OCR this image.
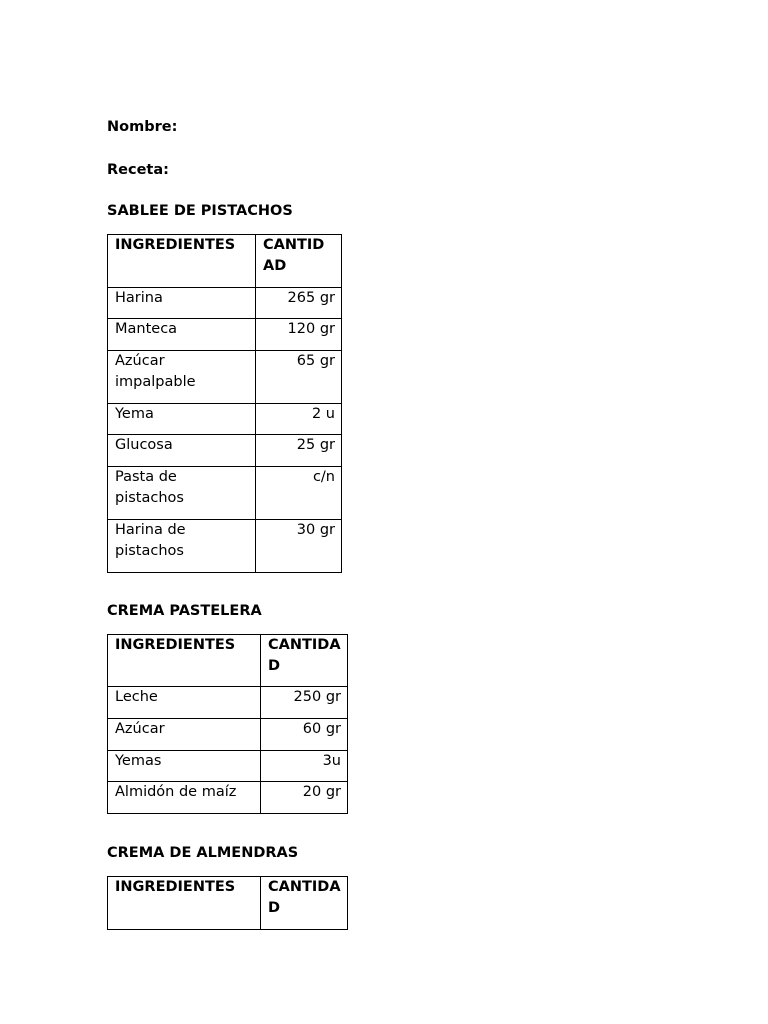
Nombre:
Receta:
SABLEE DE PISTACHOS
INGREDIENTES	CANTIDAD
Harina	265 gr
Manteca	120 gr
Azúcar impalpable	65 gr
Yema	2 u
Glucosa	25 gr
Pasta de pistachos	c/n
Harina de pistachos	30 gr
CREMA PASTELERA
INGREDIENTES	CANTIDAD
Leche	250 gr
Azúcar	60 gr
Yemas	3u
Almidón de maíz	20 gr
CREMA DE ALMENDRAS
INGREDIENTES	CANTIDAD
